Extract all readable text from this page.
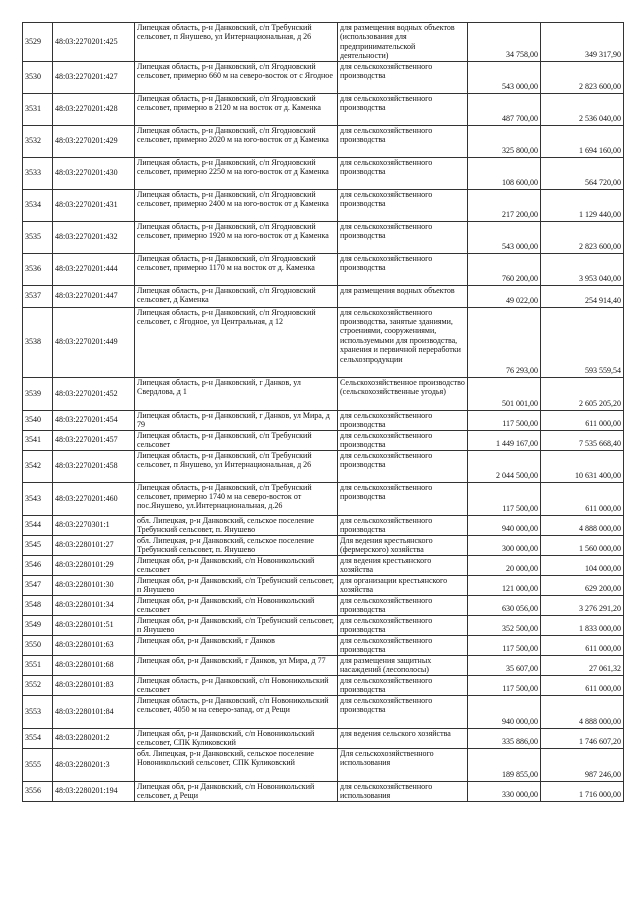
3529	48:03:2270201:425	Липецкая область, р-н Данковский, с/п Требунский сельсовет, п Янушево, ул Интернациональная, д 26	для размещения водных объектов (использования для предпринимательской деятельности)	34 758,00	349 317,90
3530	48:03:2270201:427	Липецкая область, р-н Данковский, с/п Ягодновский сельсовет, примерно 660 м на северо-восток от с Ягодное	для сельскохозяйственного производства	543 000,00	2 823 600,00
3531	48:03:2270201:428	Липецкая область, р-н Данковский, с/п Ягодновский сельсовет, примерно в 2120 м на восток от д. Каменка	для сельскохозяйственного производства	487 700,00	2 536 040,00
3532	48:03:2270201:429	Липецкая область, р-н Данковский, с/п Ягодновский сельсовет, примерно 2020 м на юго-восток от д Каменка	для сельскохозяйственного производства	325 800,00	1 694 160,00
3533	48:03:2270201:430	Липецкая область, р-н Данковский, с/п Ягодновский сельсовет, примерно 2250 м на юго-восток от д Каменка	для сельскохозяйственного производства	108 600,00	564 720,00
3534	48:03:2270201:431	Липецкая область, р-н Данковский, с/п Ягодновский сельсовет, примерно 2400 м на юго-восток от д Каменка	для сельскохозяйственного производства	217 200,00	1 129 440,00
3535	48:03:2270201:432	Липецкая область, р-н Данковский, с/п Ягодновский сельсовет, примерно 1920 м на юго-восток от д Каменка	для сельскохозяйственного производства	543 000,00	2 823 600,00
3536	48:03:2270201:444	Липецкая область, р-н Данковский, с/п Ягодновский сельсовет, примерно 1170 м на восток от д. Каменка	для сельскохозяйственного производства	760 200,00	3 953 040,00
3537	48:03:2270201:447	Липецкая область, р-н Данковский, с/п Ягодновский сельсовет, д Каменка	для размещения водных объектов	49 022,00	254 914,40
3538	48:03:2270201:449	Липецкая область, р-н Данковский, с/п Ягодновский сельсовет, с Ягодное, ул Центральная, д 12	для сельскохозяйственного производства, занятые зданиями, строениями, сооружениями, используемыми для производства, хранения и первичной переработки сельхозпродукции	76 293,00	593 559,54
3539	48:03:2270201:452	Липецкая область, р-н Данковский, г Данков, ул Свердлова, д 1	Сельскохозяйственное производство (сельскохозяйственные угодья)	501 001,00	2 605 205,20
3540	48:03:2270201:454	Липецкая область, р-н Данковский, г Данков, ул Мира, д 79	для сельскохозяйственного производства	117 500,00	611 000,00
3541	48:03:2270201:457	Липецкая область, р-н Данковский, с/п Требунский сельсовет	для сельскохозяйственного производства	1 449 167,00	7 535 668,40
3542	48:03:2270201:458	Липецкая область, р-н Данковский, с/п Требунский сельсовет, п Янушево, ул Интернациональная, д 26	для сельскохозяйственного производства	2 044 500,00	10 631 400,00
3543	48:03:2270201:460	Липецкая область, р-н Данковский, с/п Требунский сельсовет, примерно 1740 м на северо-восток от пос.Янушево, ул.Интернациональная, д.26	для сельскохозяйственного производства	117 500,00	611 000,00
3544	48:03:2270301:1	обл. Липецкая, р-н Данковский, сельское поселение Требунский сельсовет, п. Янушево	для сельскохозяйственного производства	940 000,00	4 888 000,00
3545	48:03:2280101:27	обл. Липецкая, р-н Данковский, сельское поселение Требунский сельсовет, п. Янушево	Для ведения крестьянского (фермерского) хозяйства	300 000,00	1 560 000,00
3546	48:03:2280101:29	Липецкая обл, р-н Данковский, с/п Новоникольский сельсовет	для ведения крестьянского хозяйства	20 000,00	104 000,00
3547	48:03:2280101:30	Липецкая обл, р-н Данковский, с/п Требунский сельсовет, п Янушево	для организации крестьянского хозяйства	121 000,00	629 200,00
3548	48:03:2280101:34	Липецкая обл, р-н Данковский, с/п Новоникольский сельсовет	для сельскохозяйственного производства	630 056,00	3 276 291,20
3549	48:03:2280101:51	Липецкая обл, р-н Данковский, с/п Требунский сельсовет, п Янушево	для сельскохозяйственного производства	352 500,00	1 833 000,00
3550	48:03:2280101:63	Липецкая обл, р-н Данковский, г Данков	для сельскохозяйственного производства	117 500,00	611 000,00
3551	48:03:2280101:68	Липецкая обл, р-н Данковский, г Данков, ул Мира, д 77	для размещения защитных насаждений (лесополосы)	35 607,00	27 061,32
3552	48:03:2280101:83	Липецкая область, р-н Данковский, с/п Новоникольский сельсовет	для сельскохозяйственного производства	117 500,00	611 000,00
3553	48:03:2280101:84	Липецкая область, р-н Данковский, с/п Новоникольский сельсовет, 4050 м на северо-запад, от д Рещи	для сельскохозяйственного производства	940 000,00	4 888 000,00
3554	48:03:2280201:2	Липецкая обл, р-н Данковский, с/п Новоникольский сельсовет, СПК Куликовский	для ведения сельского хозяйства	335 886,00	1 746 607,20
3555	48:03:2280201:3	обл. Липецкая, р-н Данковский, сельское поселение Новоникольский сельсовет, СПК Куликовский	Для сельскохозяйственного использования	189 855,00	987 246,00
3556	48:03:2280201:194	Липецкая обл, р-н Данковский, с/п Новоникольский сельсовет, д Рещи	для сельскохозяйственного использования	330 000,00	1 716 000,00
